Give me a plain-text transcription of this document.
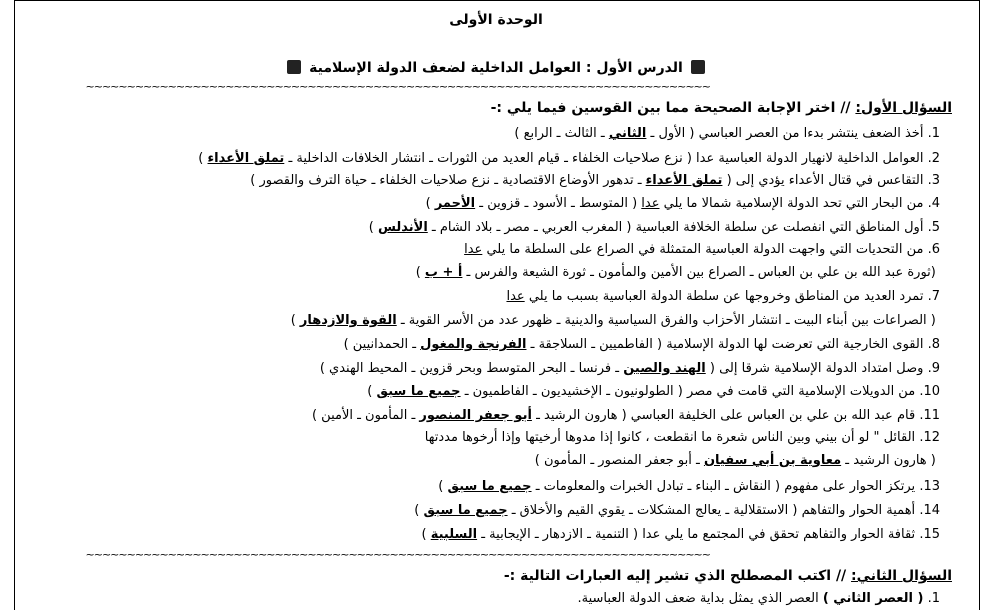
الوحدة الأولى
الدرس الأول : العوامل الداخلية لضعف الدولة الإسلامية
~~~~~~~~~~~~~~~~~~~~~~~~~~~~~~~~~~~~~~~~~~~~~~~~~~~~~~~~~~~~~~~~~~~~~~~~~~~~
السؤال الأول: // اختر الإجابة الصحيحة مما بين القوسين فيما يلي :-
1. أخذ الضعف ينتشر بدءا من العصر العباسي ( الأول ـ الثاني ـ الثالث ـ الرابع )
2. العوامل الداخلية لانهيار الدولة العباسية عدا ( نزع صلاحيات الخلفاء ـ قيام العديد من الثورات ـ انتشار الخلافات الداخلية ـ تملق الأعداء )
3. التقاعس في قتال الأعداء يؤدي إلى ( تملق الأعداء ـ تدهور الأوضاع الاقتصادية ـ نزع صلاحيات الخلفاء ـ حياة الترف والقصور )
4. من البحار التي تحد الدولة الإسلامية شمالا ما يلي عدا ( المتوسط ـ الأسود ـ قزوين ـ الأحمر )
5. أول المناطق التي انفصلت عن سلطة الخلافة العباسية ( المغرب العربي ـ مصر ـ بلاد الشام ـ الأندلس )
6. من التحديات التي واجهت الدولة العباسية المتمثلة في الصراع على السلطة ما يلي عدا
(ثورة عبد الله بن علي بن العباس ـ الصراع بين الأمين والمأمون ـ ثورة الشيعة والفرس ـ أ + ب )
7. تمرد العديد من المناطق وخروجها عن سلطة الدولة العباسية بسبب ما يلي عدا
( الصراعات بين أبناء البيت ـ انتشار الأحزاب والفرق السياسية والدينية ـ ظهور عدد من الأسر القوية ـ القوة والازدهار )
8. القوى الخارجية التي تعرضت لها الدولة الإسلامية ( الفاطميين ـ السلاجقة ـ الفرنجة والمغول ـ الحمدانيين )
9. وصل امتداد الدولة الإسلامية شرقا إلى ( الهند والصين ـ فرنسا ـ البحر المتوسط وبحر قزوين ـ المحيط الهندي )
10. من الدويلات الإسلامية التي قامت في مصر ( الطولونيون ـ الإخشيديون ـ الفاطميون ـ جميع ما سبق )
11. قام عبد الله بن علي بن العباس على الخليفة العباسي ( هارون الرشيد ـ أبو جعفر المنصور ـ المأمون ـ الأمين )
12. القائل " لو أن بيني وبين الناس شعرة ما انقطعت ، كانوا إذا مدوها أرخيتها وإذا أرخوها مددتها
( هارون الرشيد ـ معاوية بن أبي سفيان ـ أبو جعفر المنصور ـ المأمون )
13. يرتكز الحوار على مفهوم ( النقاش ـ البناء ـ تبادل الخبرات والمعلومات ـ جميع ما سبق )
14. أهمية الحوار والتفاهم ( الاستقلالية ـ يعالج المشكلات ـ يقوي القيم والأخلاق ـ جميع ما سبق )
15. ثقافة الحوار والتفاهم تحقق في المجتمع ما يلي عدا ( التنمية ـ الازدهار ـ الإيجابية ـ السلبية )
~~~~~~~~~~~~~~~~~~~~~~~~~~~~~~~~~~~~~~~~~~~~~~~~~~~~~~~~~~~~~~~~~~~~~~~~~~~~
السؤال الثاني: // اكتب المصطلح الذي تشير إليه العبارات التالية :-
1. ( العصر الثاني ) العصر الذي يمثل بداية ضعف الدولة العباسية.
